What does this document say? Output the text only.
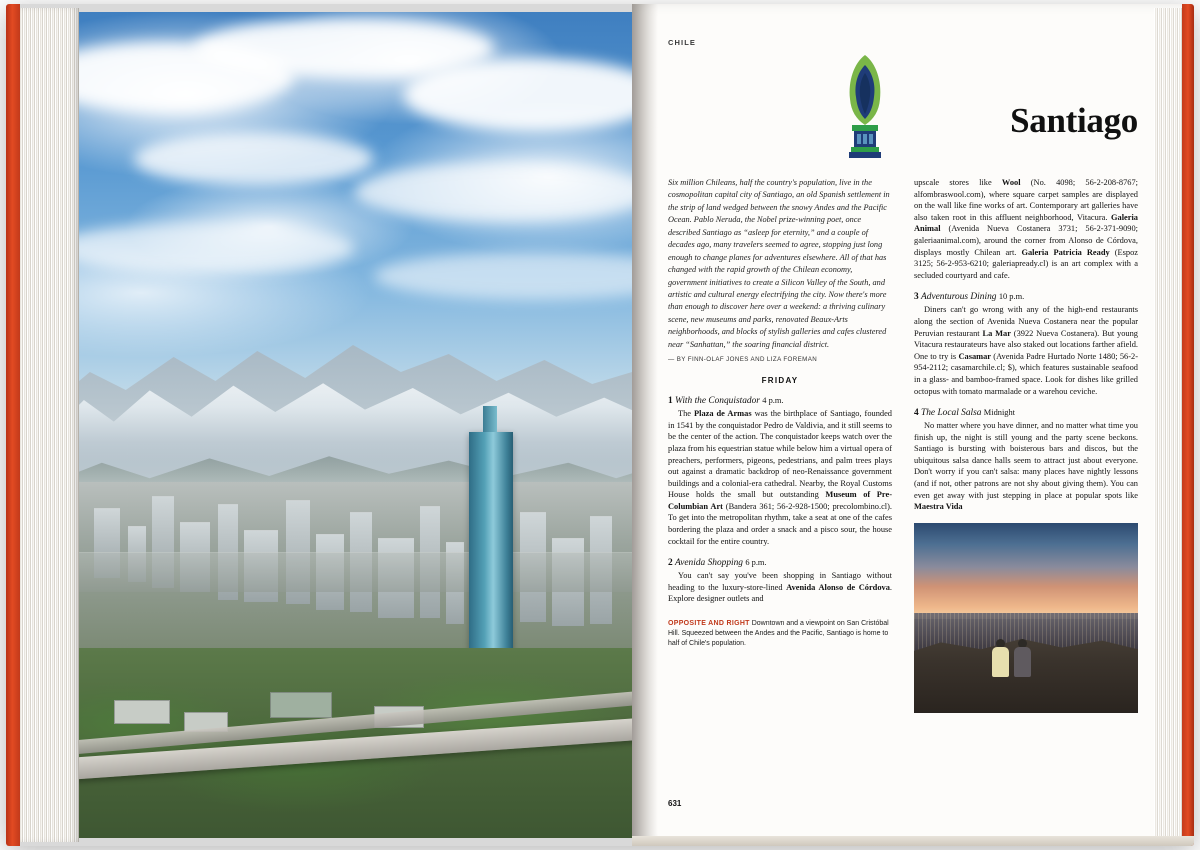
CHILE
Santiago
Six million Chileans, half the country's population, live in the cosmopolitan capital city of Santiago, an old Spanish settlement in the strip of land wedged between the snowy Andes and the Pacific Ocean. Pablo Neruda, the Nobel prize-winning poet, once described Santiago as “asleep for eternity,” and a couple of decades ago, many travelers seemed to agree, stopping just long enough to change planes for adventures elsewhere. All of that has changed with the rapid growth of the Chilean economy, government initiatives to create a Silicon Valley of the South, and artistic and cultural energy electrifying the city. Now there's more than enough to discover here over a weekend: a thriving culinary scene, new museums and parks, renovated Beaux-Arts neighborhoods, and blocks of stylish galleries and cafes clustered near “Sanhattan,” the soaring financial district.
— BY FINN-OLAF JONES AND LIZA FOREMAN
FRIDAY
1 With the Conquistador 4 p.m.

The Plaza de Armas was the birthplace of Santiago, founded in 1541 by the conquistador Pedro de Valdivia, and it still seems to be the center of the action. The conquistador keeps watch over the plaza from his equestrian statue while below him a virtual opera of preachers, performers, pigeons, pedestrians, and palm trees plays out against a dramatic backdrop of neo-Renaissance government buildings and a colonial-era cathedral. Nearby, the Royal Customs House holds the small but outstanding Museum of Pre-Columbian Art (Bandera 361; 56-2-928-1500; precolombino.cl). To get into the metropolitan rhythm, take a seat at one of the cafes bordering the plaza and order a snack and a pisco sour, the house cocktail for the entire country.

2 Avenida Shopping 6 p.m.

You can't say you've been shopping in Santiago without heading to the luxury-store-lined Avenida Alonso de Córdova. Explore designer outlets and

OPPOSITE AND RIGHT Downtown and a viewpoint on San Cristóbal Hill. Squeezed between the Andes and the Pacific, Santiago is home to half of Chile's population.

upscale stores like Wool (No. 4098; 56-2-208-8767; alfombraswool.com), where square carpet samples are displayed on the wall like fine works of art. Contemporary art galleries have also taken root in this affluent neighborhood, Vitacura. Galeria Animal (Avenida Nueva Costanera 3731; 56-2-371-9090; galeriaanimal.com), around the corner from Alonso de Córdova, displays mostly Chilean art. Galeria Patricia Ready (Espoz 3125; 56-2-953-6210; galeriapready.cl) is an art complex with a secluded courtyard and cafe.

3 Adventurous Dining 10 p.m.

Diners can't go wrong with any of the high-end restaurants along the section of Avenida Nueva Costanera near the popular Peruvian restaurant La Mar (3922 Nueva Costanera). But young Vitacura restaurateurs have also staked out locations farther afield. One to try is Casamar (Avenida Padre Hurtado Norte 1480; 56-2-954-2112; casamarchile.cl; $), which features sustainable seafood in a glass- and bamboo-framed space. Look for dishes like grilled octopus with tomato marmalade or a warehou ceviche.

4 The Local Salsa Midnight

No matter where you have dinner, and no matter what time you finish up, the night is still young and the party scene beckons. Santiago is bursting with boisterous bars and discos, but the ubiquitous salsa dance halls seem to attract just about everyone. Don't worry if you can't salsa: many places have nightly lessons (and if not, other patrons are not shy about giving them). You can even get away with just stepping in place at popular spots like Maestra Vida

631
